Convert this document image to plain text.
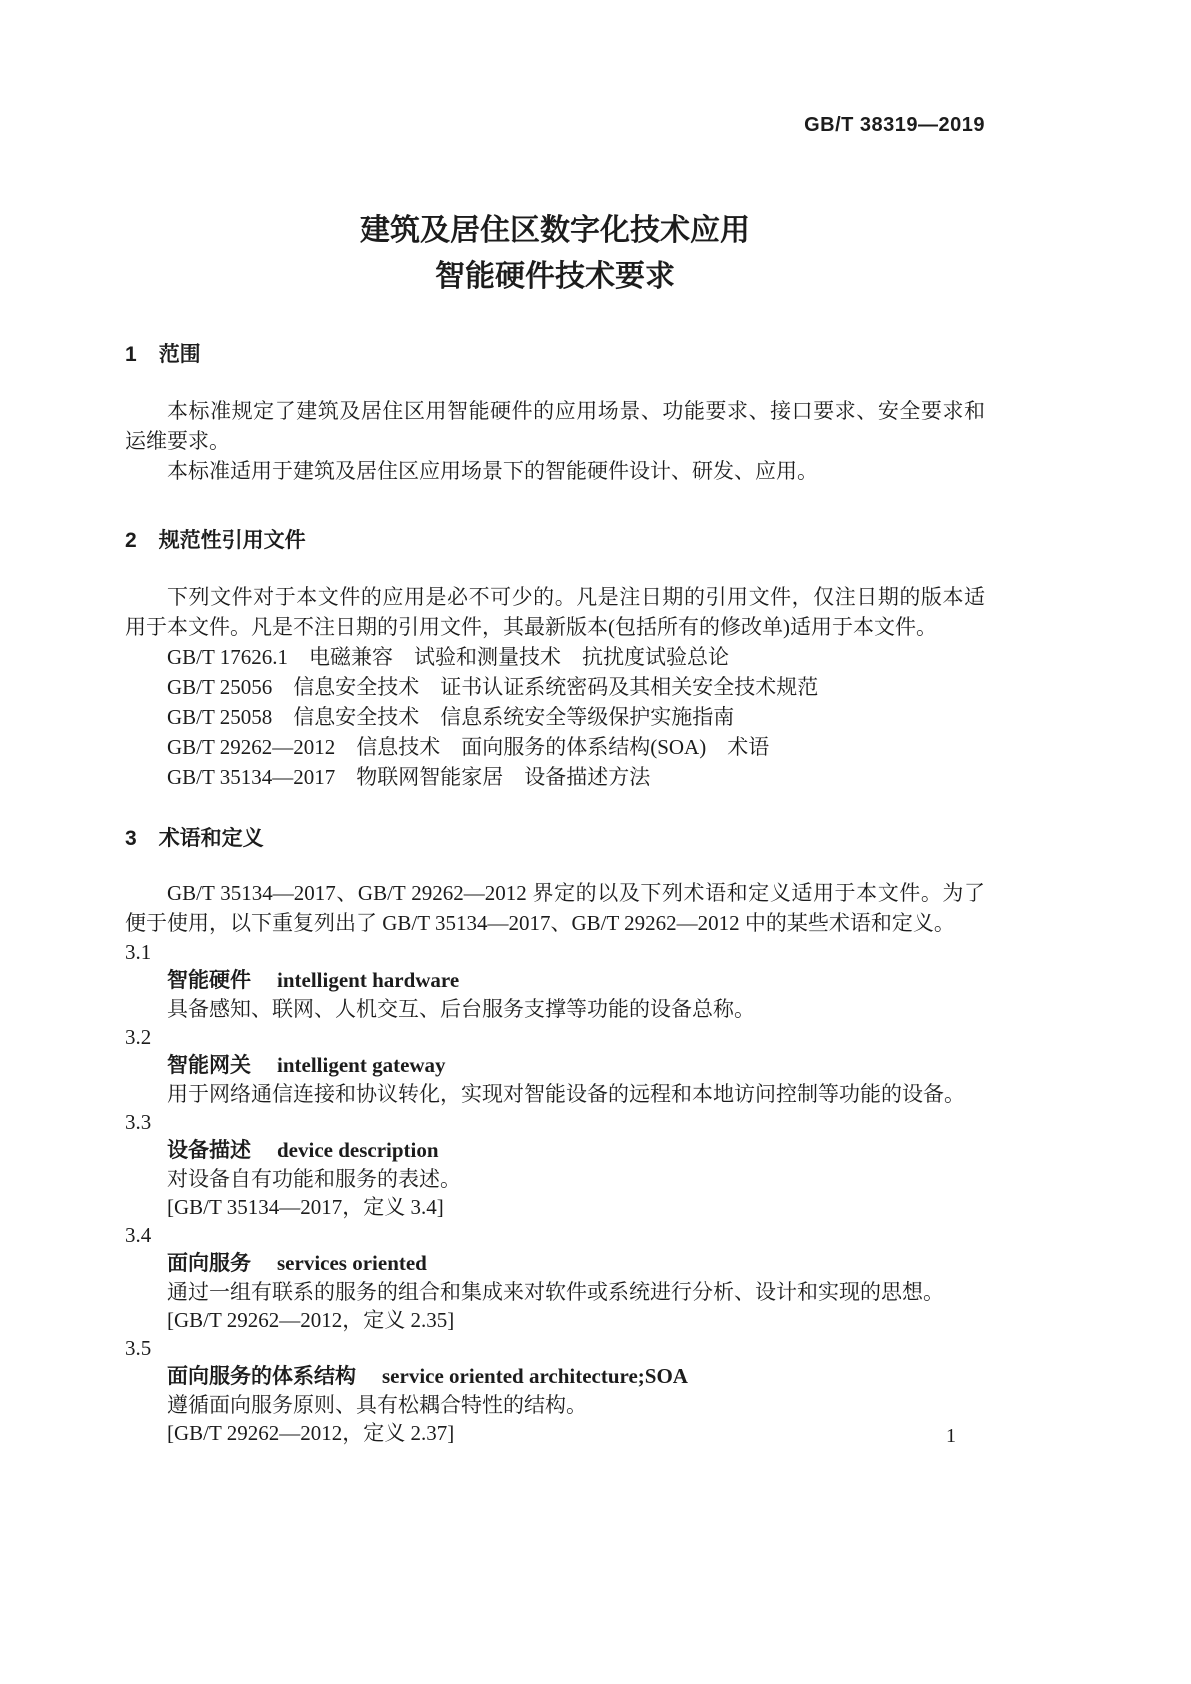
GB/T 38319—2019
建筑及居住区数字化技术应用
智能硬件技术要求
1 范围

本标准规定了建筑及居住区用智能硬件的应用场景、功能要求、接口要求、安全要求和运维要求。

本标准适用于建筑及居住区应用场景下的智能硬件设计、研发、应用。

2 规范性引用文件

下列文件对于本文件的应用是必不可少的。凡是注日期的引用文件，仅注日期的版本适用于本文件。凡是不注日期的引用文件，其最新版本(包括所有的修改单)适用于本文件。

GB/T 17626.1　电磁兼容　试验和测量技术　抗扰度试验总论

GB/T 25056　信息安全技术　证书认证系统密码及其相关安全技术规范

GB/T 25058　信息安全技术　信息系统安全等级保护实施指南

GB/T 29262—2012　信息技术　面向服务的体系结构(SOA)　术语

GB/T 35134—2017　物联网智能家居　设备描述方法

3 术语和定义

GB/T 35134—2017、GB/T 29262—2012 界定的以及下列术语和定义适用于本文件。为了便于使用，以下重复列出了 GB/T 35134—2017、GB/T 29262—2012 中的某些术语和定义。

3.1

智能硬件 intelligent hardware

具备感知、联网、人机交互、后台服务支撑等功能的设备总称。

3.2

智能网关 intelligent gateway

用于网络通信连接和协议转化，实现对智能设备的远程和本地访问控制等功能的设备。

3.3

设备描述 device description

对设备自有功能和服务的表述。

[GB/T 35134—2017，定义 3.4]

3.4

面向服务 services oriented

通过一组有联系的服务的组合和集成来对软件或系统进行分析、设计和实现的思想。

[GB/T 29262—2012，定义 2.35]

3.5

面向服务的体系结构 service oriented architecture;SOA

遵循面向服务原则、具有松耦合特性的结构。

[GB/T 29262—2012，定义 2.37]	1
